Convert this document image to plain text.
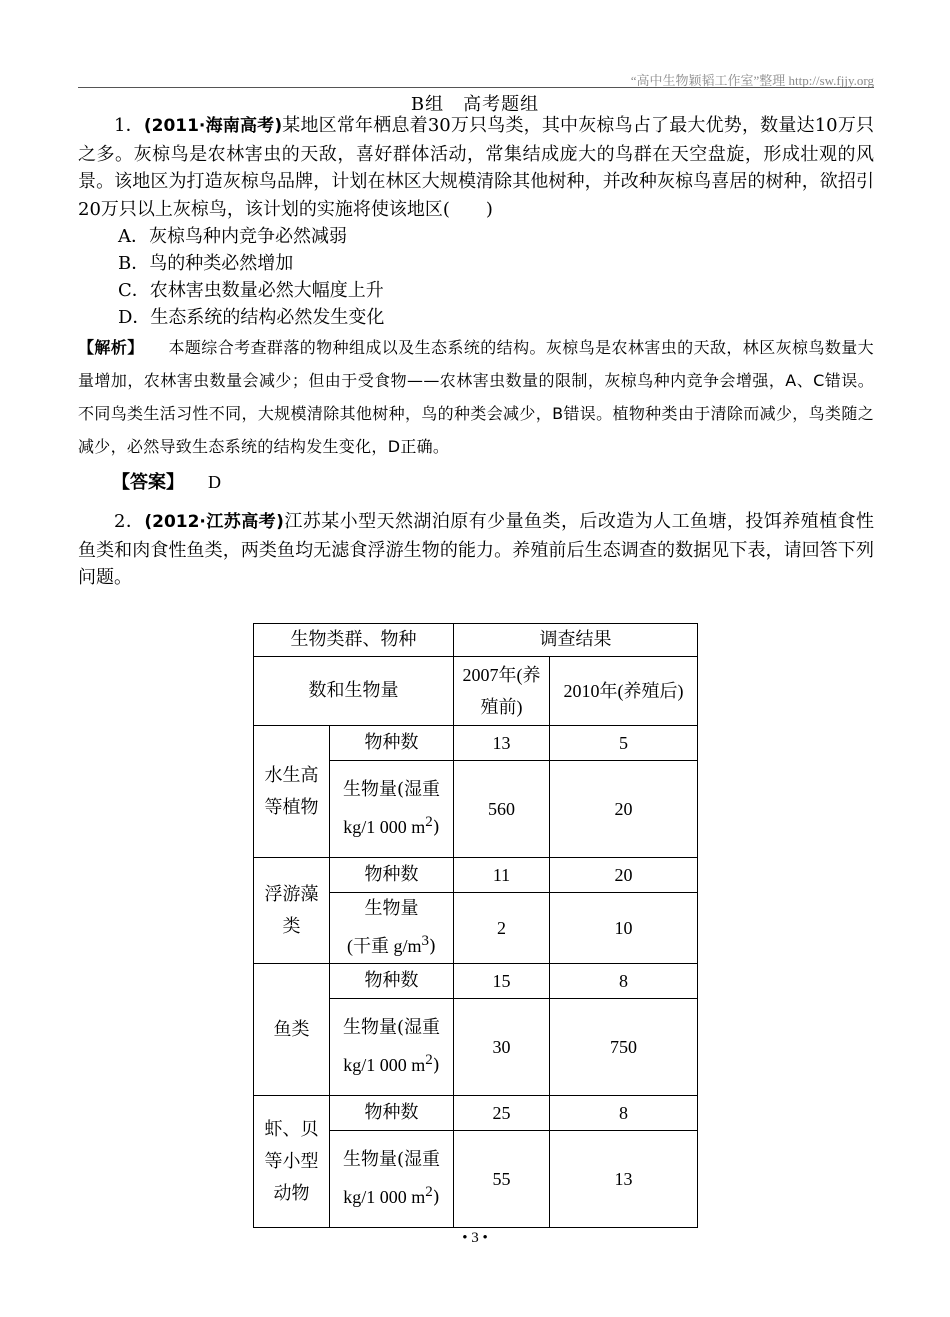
“高中生物颖韬工作室”整理 http://sw.fjjy.org
B组　高考题组

1．(2011·海南高考)某地区常年栖息着30万只鸟类，其中灰椋鸟占了最大优势，数量达10万只之多。灰椋鸟是农林害虫的天敌，喜好群体活动，常集结成庞大的鸟群在天空盘旋，形成壮观的风景。该地区为打造灰椋鸟品牌，计划在林区大规模清除其他树种，并改种灰椋鸟喜居的树种，欲招引20万只以上灰椋鸟，该计划的实施将使该地区(　　)

A．灰椋鸟种内竞争必然减弱

B．鸟的种类必然增加

C．农林害虫数量必然大幅度上升

D．生态系统的结构必然发生变化

【解析】　　本题综合考查群落的物种组成以及生态系统的结构。灰椋鸟是农林害虫的天敌，林区灰椋鸟数量大量增加，农林害虫数量会减少；但由于受食物——农林害虫数量的限制，灰椋鸟种内竞争会增强，A、C错误。不同鸟类生活习性不同，大规模清除其他树种，鸟的种类会减少，B错误。植物种类由于清除而减少，鸟类随之减少，必然导致生态系统的结构发生变化，D正确。

【答案】 D

2．(2012·江苏高考)江苏某小型天然湖泊原有少量鱼类，后改造为人工鱼塘，投饵养殖植食性鱼类和肉食性鱼类，两类鱼均无滤食浮游生物的能力。养殖前后生态调查的数据见下表，请回答下列问题。

生物类群、物种		调查结果	
数和生物量		2007年(养殖前)	2010年(养殖后)
水生高等植物	物种数	13	5
	生物量(湿重
kg/1 000 $m^2$)	560	20
浮游藻类	物种数	11	20
	生物量
(干重 $g/m^3$)	2	10
鱼类	物种数	15	8
	生物量(湿重
kg/1 000 $m^2$)	30	750
虾、贝等小型动物	物种数	25	8
	生物量(湿重
kg/1 000 $m^2$)	55	13
• 3 •
